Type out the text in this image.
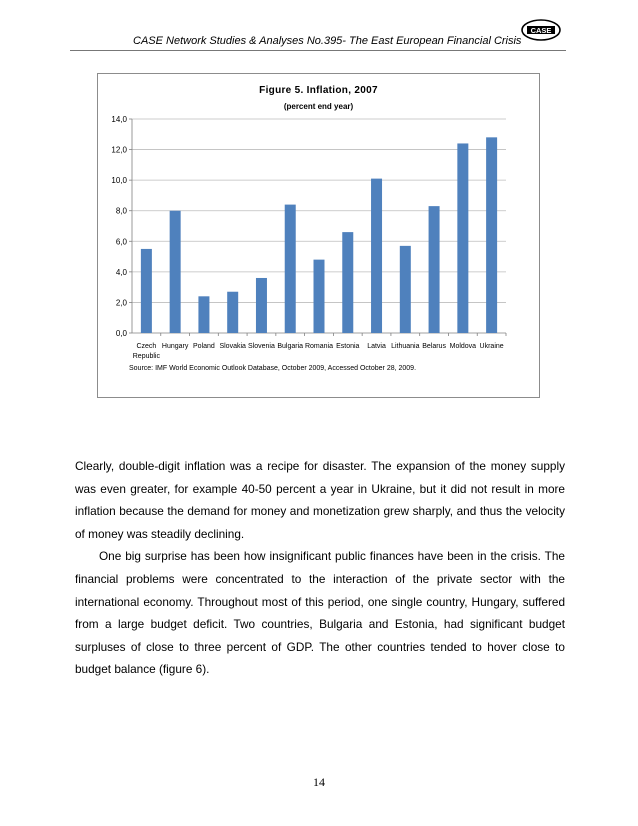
CASE Network Studies & Analyses No.395- The East European Financial Crisis
CASE
Figure 5. Inflation, 2007
(percent end year)
0,0
2,0
4,0
6,0
8,0
10,0
12,0
14,0
Czech Republic
Hungary Poland Slovakia Slovenia Bulgaria Romania Estonia Latvia Lithuania Belarus Moldova Ukraine
Source: IMF World Economic Outlook Database, October 2009, Accessed October 28, 2009.

Clearly, double-digit inflation was a recipe for disaster. The expansion of the money supply was even greater, for example 40-50 percent a year in Ukraine, but it did not result in more inflation because the demand for money and monetization grew sharply, and thus the velocity of money was steadily declining.

One big surprise has been how insignificant public finances have been in the crisis. The financial problems were concentrated to the interaction of the private sector with the international economy. Throughout most of this period, one single country, Hungary, suffered from a large budget deficit. Two countries, Bulgaria and Estonia, had significant budget surpluses of close to three percent of GDP. The other countries tended to hover close to budget balance (figure 6).

14
